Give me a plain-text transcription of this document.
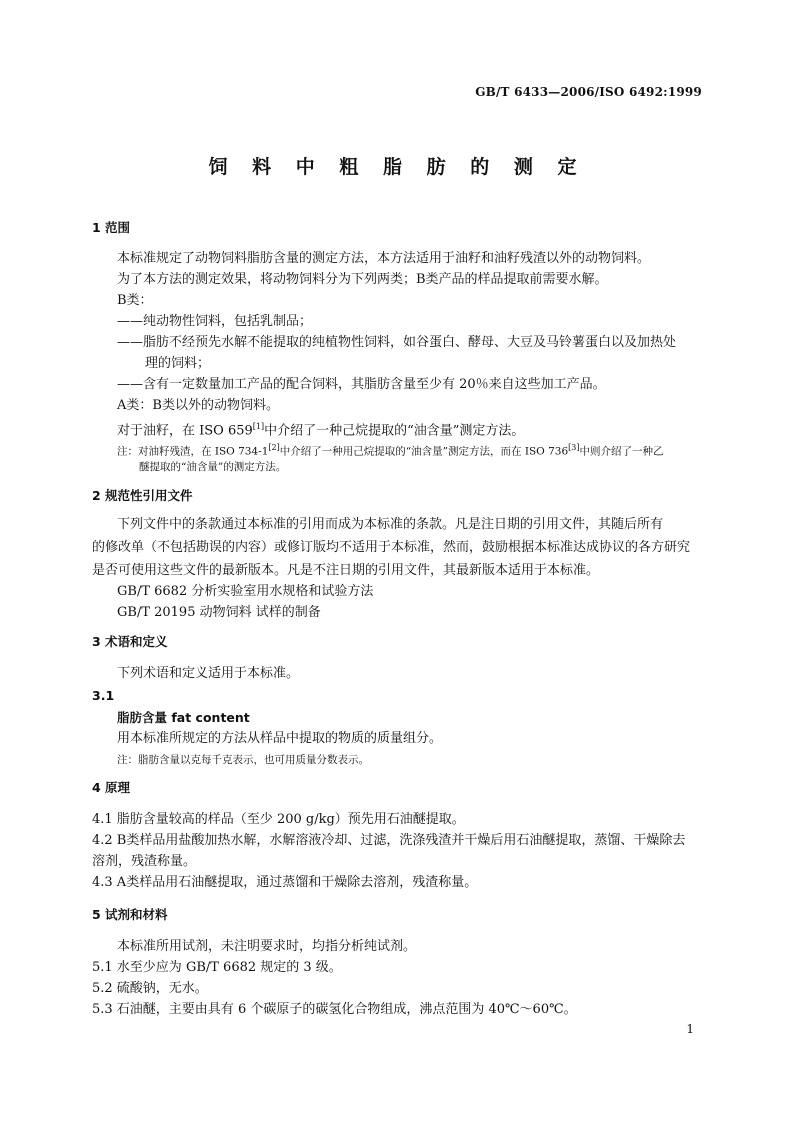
GB/T 6433—2006/ISO 6492:1999
饲 料 中 粗 脂 肪 的 测 定
1 范围
本标准规定了动物饲料脂肪含量的测定方法，本方法适用于油籽和油籽残渣以外的动物饲料。
为了本方法的测定效果，将动物饲料分为下列两类；B类产品的样品提取前需要水解。
B类：
——纯动物性饲料，包括乳制品；
——脂肪不经预先水解不能提取的纯植物性饲料，如谷蛋白、酵母、大豆及马铃薯蛋白以及加热处
理的饲料；
——含有一定数量加工产品的配合饲料，其脂肪含量至少有 20％来自这些加工产品。
A类：B类以外的动物饲料。
对于油籽，在 ISO 659[1]中介绍了一种己烷提取的“油含量”测定方法。
注：对油籽残渣，在 ISO 734-1[2]中介绍了一种用己烷提取的“油含量”测定方法，而在 ISO 736[3]中则介绍了一种乙
醚提取的“油含量”的测定方法。
2 规范性引用文件
下列文件中的条款通过本标准的引用而成为本标准的条款。凡是注日期的引用文件，其随后所有
的修改单（不包括勘误的内容）或修订版均不适用于本标准，然而，鼓励根据本标准达成协议的各方研究
是否可使用这些文件的最新版本。凡是不注日期的引用文件，其最新版本适用于本标准。
GB/T 6682 分析实验室用水规格和试验方法
GB/T 20195 动物饲料 试样的制备
3 术语和定义
下列术语和定义适用于本标准。
3.1
脂肪含量 fat content
用本标准所规定的方法从样品中提取的物质的质量组分。
注：脂肪含量以克每千克表示，也可用质量分数表示。
4 原理
4.1 脂肪含量较高的样品（至少 200 g/kg）预先用石油醚提取。
4.2 B类样品用盐酸加热水解，水解溶液冷却、过滤，洗涤残渣并干燥后用石油醚提取，蒸馏、干燥除去
溶剂，残渣称量。
4.3 A类样品用石油醚提取，通过蒸馏和干燥除去溶剂，残渣称量。
5 试剂和材料
本标准所用试剂，未注明要求时，均指分析纯试剂。
5.1 水至少应为 GB/T 6682 规定的 3 级。
5.2 硫酸钠，无水。
5.3 石油醚，主要由具有 6 个碳原子的碳氢化合物组成，沸点范围为 40℃～60℃。
1
